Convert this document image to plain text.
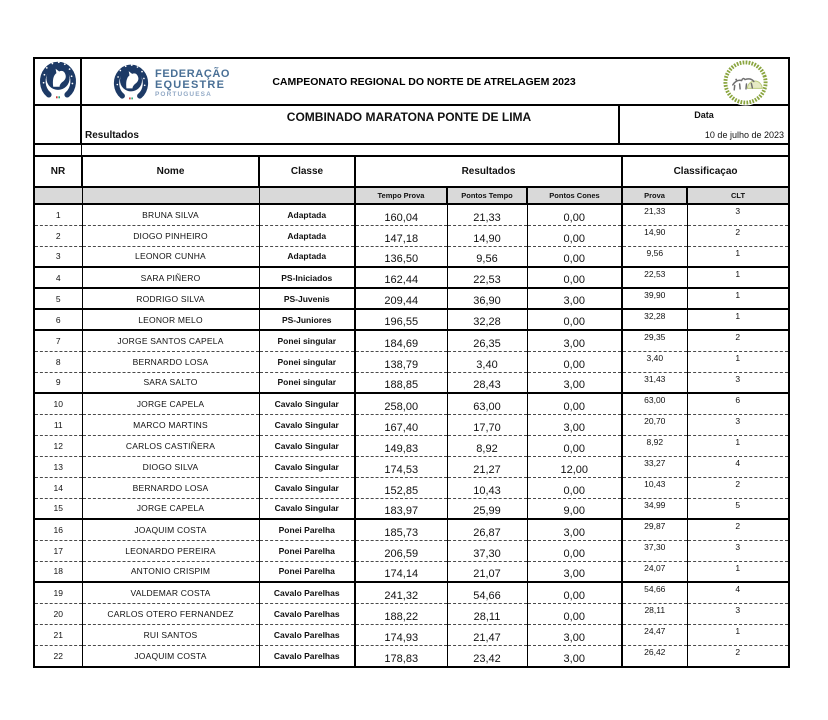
FEDERAÇÃO
EQUESTRE
PORTUGUESA
CAMPEONATO REGIONAL DO NORTE DE ATRELAGEM 2023
COMBINADO MARATONA PONTE DE LIMA
Resultados
Data
10 de julho de 2023
NR	Nome	Classe	Resultados			Classificaçao	
			Tempo Prova	Pontos Tempo	Pontos Cones	Prova	CLT
1	BRUNA SILVA	Adaptada	160,04	21,33	0,00	21,33	3
2	DIOGO PINHEIRO	Adaptada	147,18	14,90	0,00	14,90	2
3	LEONOR CUNHA	Adaptada	136,50	9,56	0,00	9,56	1
4	SARA PIÑERO	PS-Iniciados	162,44	22,53	0,00	22,53	1
5	RODRIGO SILVA	PS-Juvenis	209,44	36,90	3,00	39,90	1
6	LEONOR MELO	PS-Juniores	196,55	32,28	0,00	32,28	1
7	JORGE SANTOS CAPELA	Ponei singular	184,69	26,35	3,00	29,35	2
8	BERNARDO LOSA	Ponei singular	138,79	3,40	0,00	3,40	1
9	SARA SALTO	Ponei singular	188,85	28,43	3,00	31,43	3
10	JORGE CAPELA	Cavalo Singular	258,00	63,00	0,00	63,00	6
11	MARCO MARTINS	Cavalo Singular	167,40	17,70	3,00	20,70	3
12	CARLOS CASTIÑERA	Cavalo Singular	149,83	8,92	0,00	8,92	1
13	DIOGO SILVA	Cavalo Singular	174,53	21,27	12,00	33,27	4
14	BERNARDO LOSA	Cavalo Singular	152,85	10,43	0,00	10,43	2
15	JORGE CAPELA	Cavalo Singular	183,97	25,99	9,00	34,99	5
16	JOAQUIM COSTA	Ponei Parelha	185,73	26,87	3,00	29,87	2
17	LEONARDO PEREIRA	Ponei Parelha	206,59	37,30	0,00	37,30	3
18	ANTONIO CRISPIM	Ponei Parelha	174,14	21,07	3,00	24,07	1
19	VALDEMAR COSTA	Cavalo Parelhas	241,32	54,66	0,00	54,66	4
20	CARLOS OTERO FERNANDEZ	Cavalo Parelhas	188,22	28,11	0,00	28,11	3
21	RUI SANTOS	Cavalo Parelhas	174,93	21,47	3,00	24,47	1
22	JOAQUIM COSTA	Cavalo Parelhas	178,83	23,42	3,00	26,42	2
